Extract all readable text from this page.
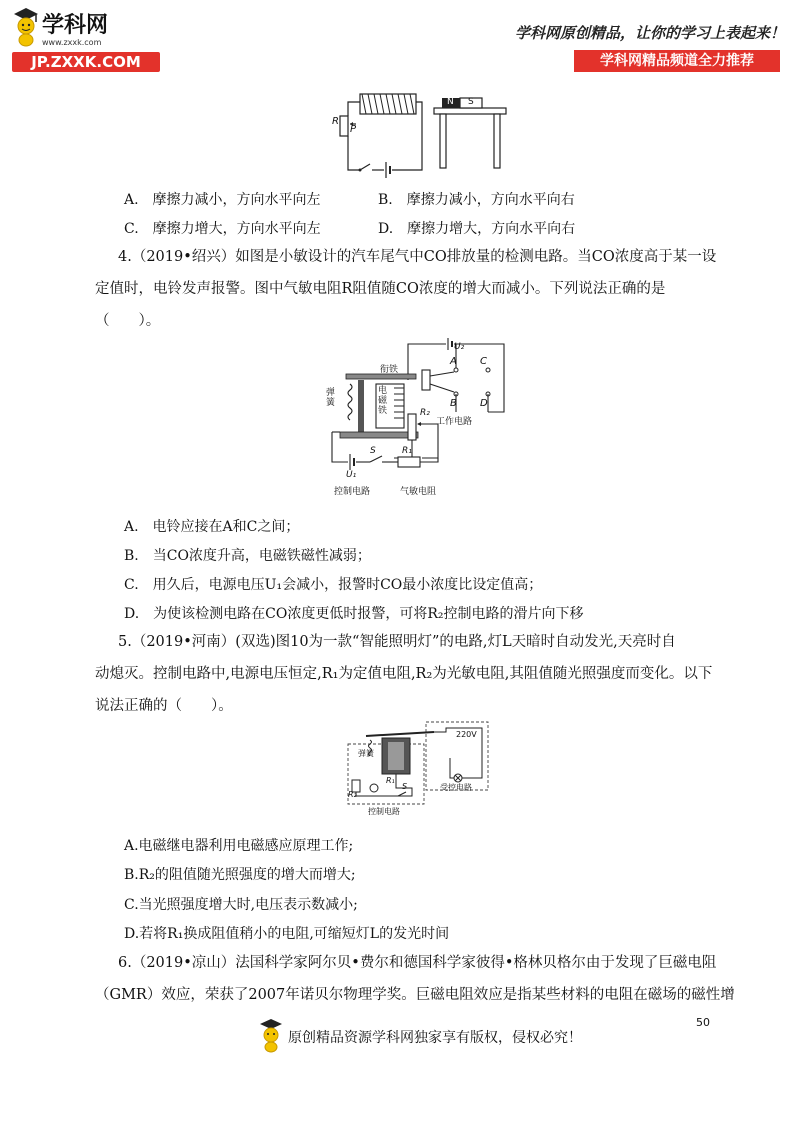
学科网
www.zxxk.com
JP.ZXXK.COM
学科网原创精品，让你的学习上表起来！
学科网精品频道全力推荐
R
P
N S
A.　摩擦力减小，方向水平向左	B.　摩擦力减小，方向水平向右
C.　摩擦力增大，方向水平向左	D.　摩擦力增大，方向水平向右
4.（2019•绍兴）如图是小敏设计的汽车尾气中CO排放量的检测电路。当CO浓度高于某一设
定值时，电铃发声报警。图中气敏电阻R阻值随CO浓度的增大而减小。下列说法正确的是
（　　）。
U₂
A C
B D
衔铁
弹簧
电磁铁	R₂
工作电路
S	R₁
U₁
控制电路	气敏电阻
A.　电铃应接在A和C之间；
B.　当CO浓度升高，电磁铁磁性减弱；
C.　用久后，电源电压U₁会减小，报警时CO最小浓度比设定值高；
D.　为使该检测电路在CO浓度更低时报警，可将R₂控制电路的滑片向下移
5.（2019•河南）(双选)图10为一款“智能照明灯”的电路,灯L天暗时自动发光,天亮时自
动熄灭。控制电路中,电源电压恒定,R₁为定值电阻,R₂为光敏电阻,其阻值随光照强度而变化。以下
说法正确的（　　）。
弹簧
220V
R₁
R₂
S
控制电路
受控电路
A.电磁继电器利用电磁感应原理工作;
B.R₂的阻值随光照强度的增大而增大;
C.当光照强度增大时,电压表示数减小;
D.若将R₁换成阻值稍小的电阻,可缩短灯L的发光时间
6.（2019•凉山）法国科学家阿尔贝•费尔和德国科学家彼得•格林贝格尔由于发现了巨磁电阻
（GMR）效应，荣获了2007年诺贝尔物理学奖。巨磁电阻效应是指某些材料的电阻在磁场的磁性增
50
原创精品资源学科网独家享有版权，侵权必究！
